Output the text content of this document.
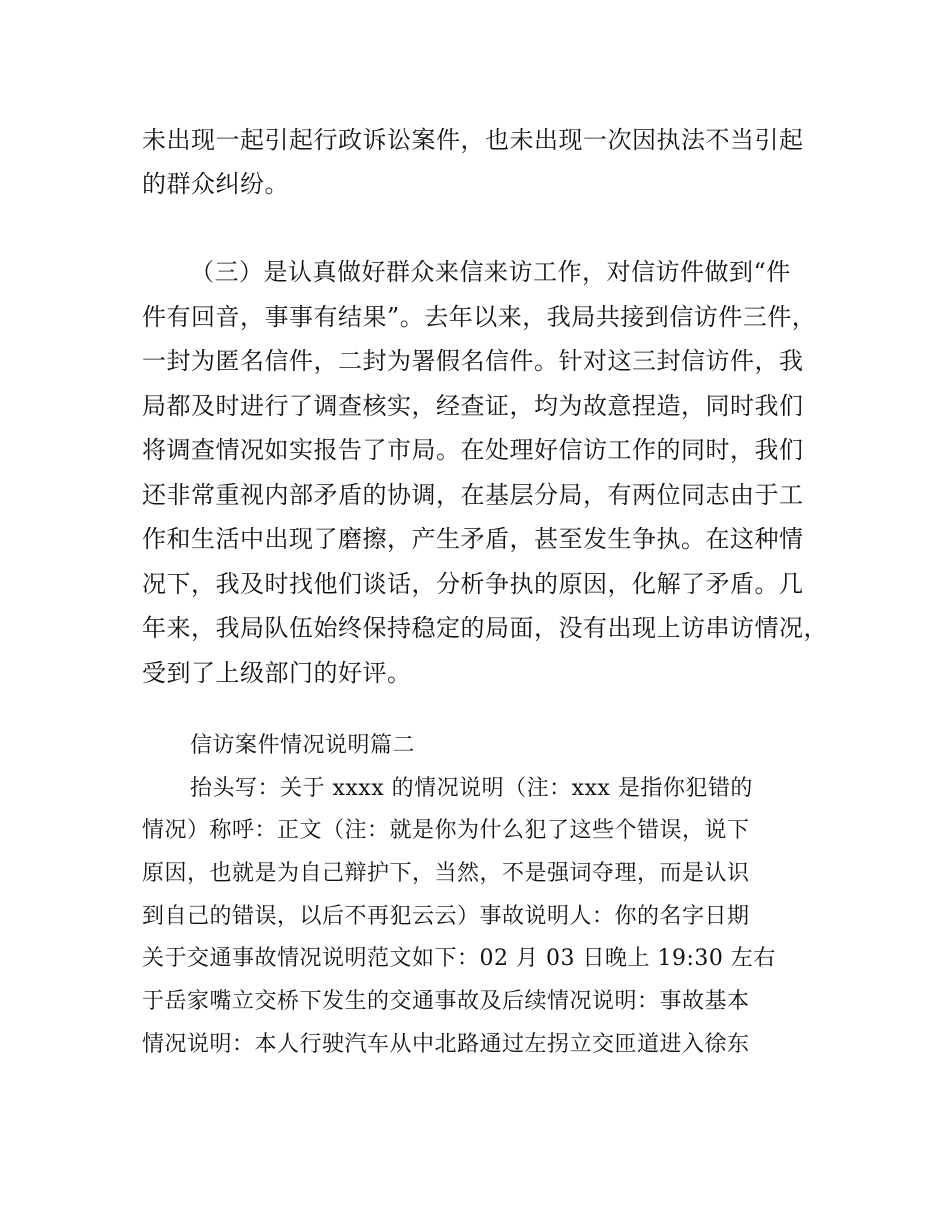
未出现一起引起行政诉讼案件，也未出现一次因执法不当引起
的群众纠纷。
（三）是认真做好群众来信来访工作，对信访件做到“件
件有回音，事事有结果”。去年以来，我局共接到信访件三件，
一封为匿名信件，二封为署假名信件。针对这三封信访件，我
局都及时进行了调查核实，经查证，均为故意捏造，同时我们
将调查情况如实报告了市局。在处理好信访工作的同时，我们
还非常重视内部矛盾的协调，在基层分局，有两位同志由于工
作和生活中出现了磨擦，产生矛盾，甚至发生争执。在这种情
况下，我及时找他们谈话，分析争执的原因，化解了矛盾。几
年来，我局队伍始终保持稳定的局面，没有出现上访串访情况，
受到了上级部门的好评。
信访案件情况说明篇二
抬头写：关于 xxxx 的情况说明（注：xxx 是指你犯错的
情况）称呼：正文（注：就是你为什么犯了这些个错误，说下
原因，也就是为自己辩护下，当然，不是强词夺理，而是认识
到自己的错误，以后不再犯云云）事故说明人：你的名字日期
关于交通事故情况说明范文如下：02 月 03 日晚上 19:30 左右
于岳家嘴立交桥下发生的交通事故及后续情况说明：事故基本
情况说明：本人行驶汽车从中北路通过左拐立交匝道进入徐东
